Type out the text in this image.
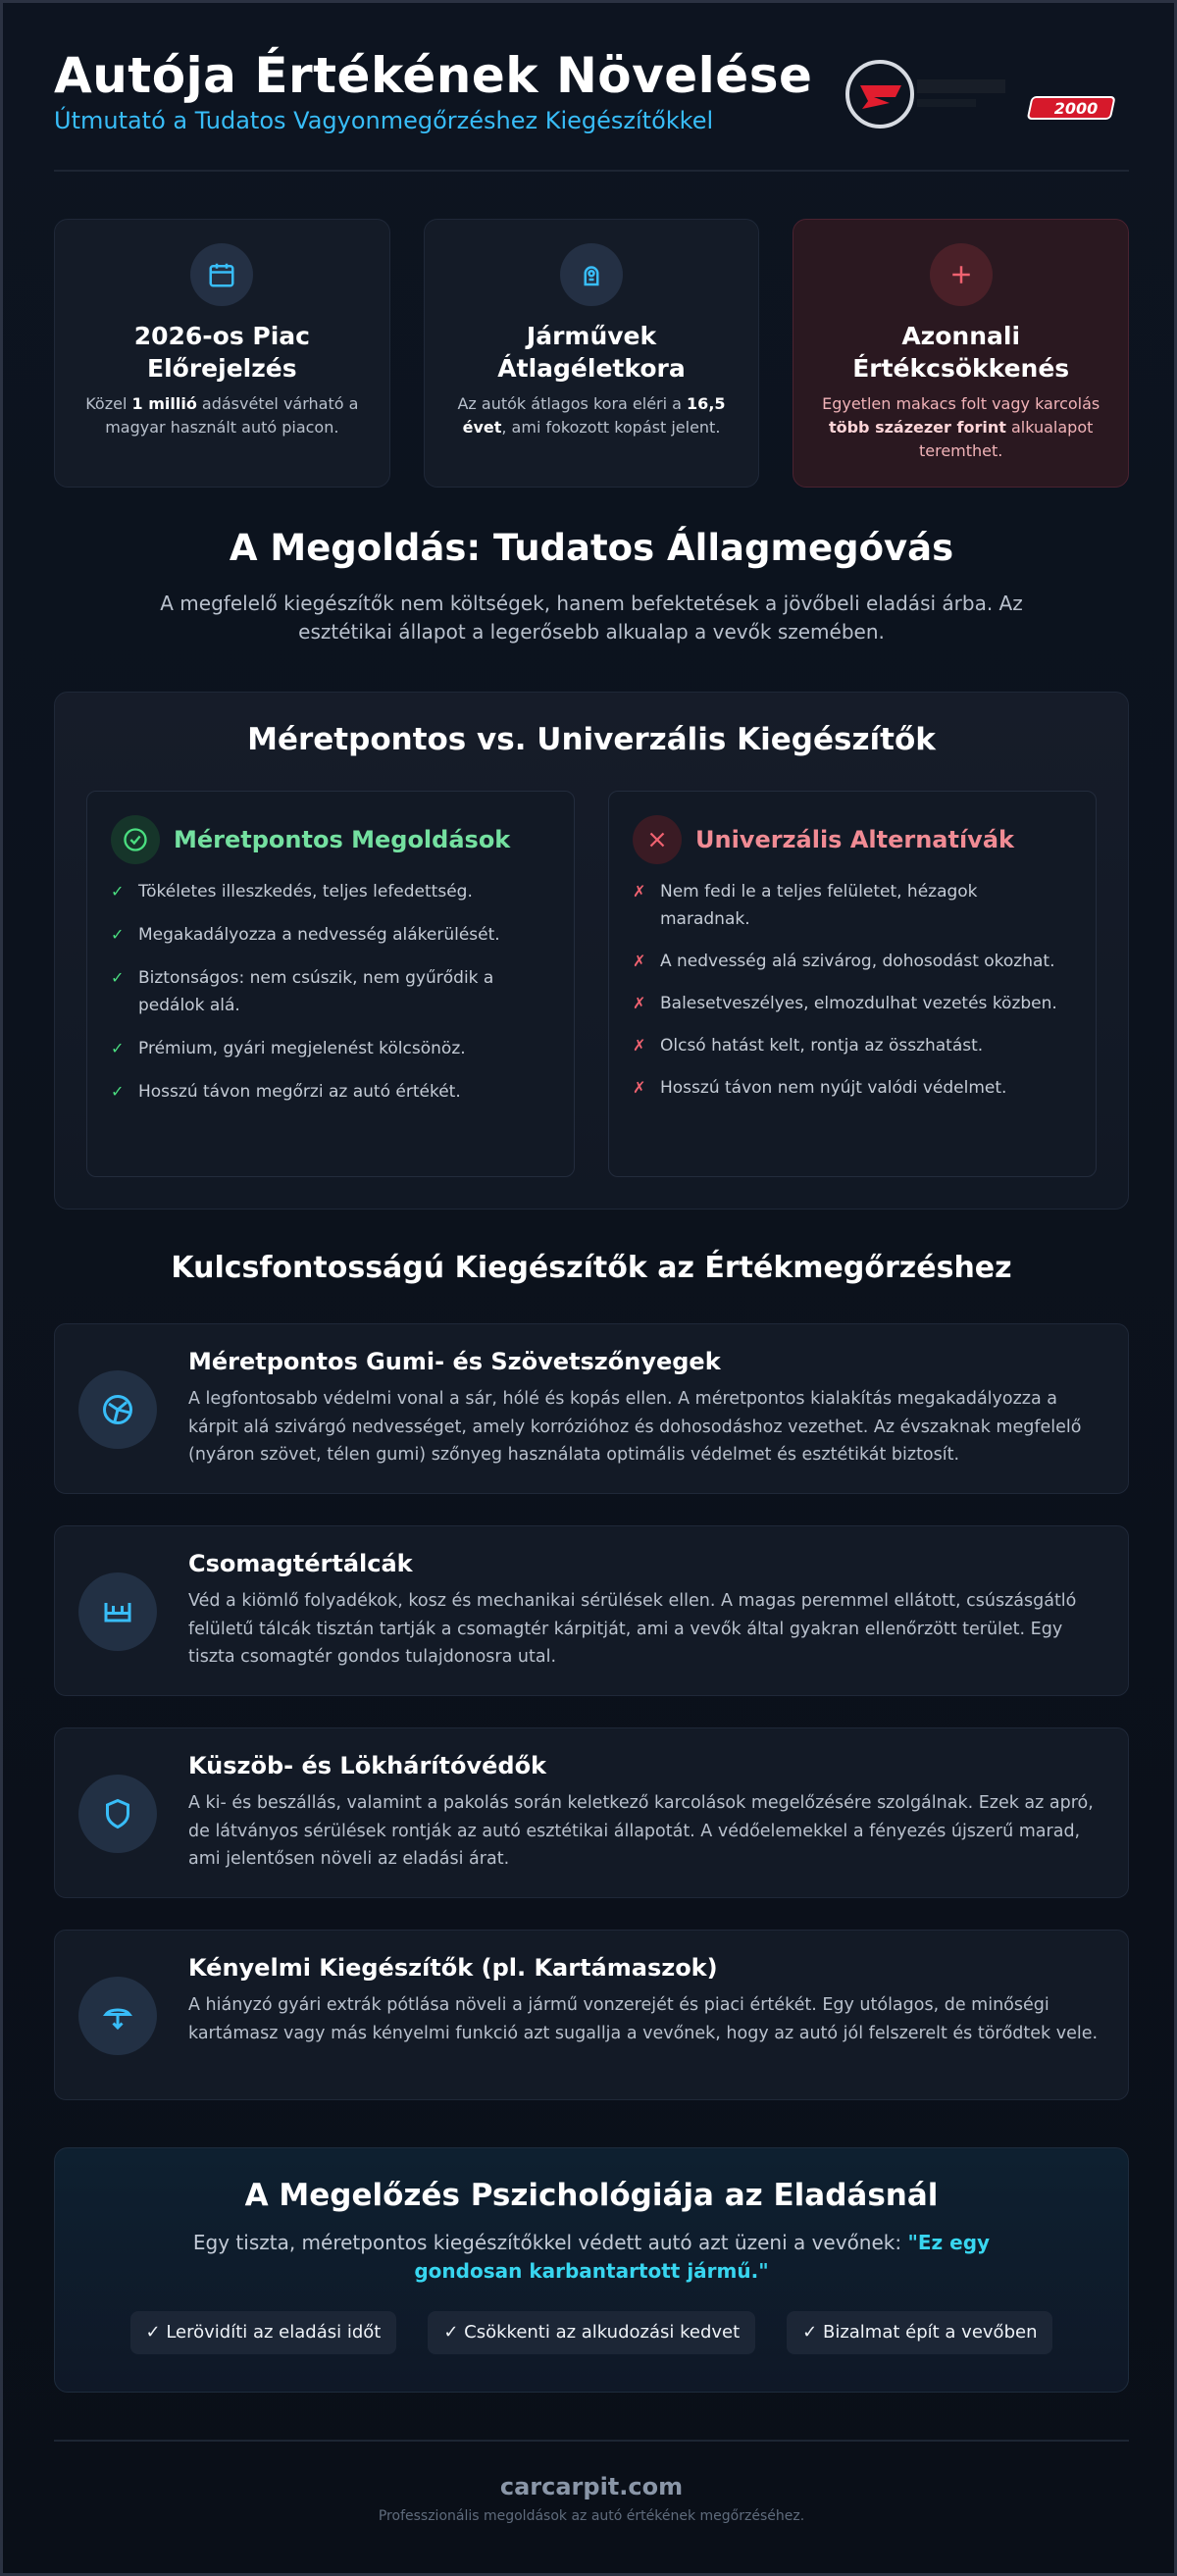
Autója Értékének Növelése
Útmutató a Tudatos Vagyonmegőrzéshez Kiegészítőkkel	2000
2026-os Piac Előrejelzés
Közel 1 millió adásvétel várható a magyar használt autó piacon.
Járművek Átlagéletkora
Az autók átlagos kora eléri a 16,5 évet, ami fokozott kopást jelent.
Azonnali Értékcsökkenés
Egyetlen makacs folt vagy karcolás több százezer forint alkualapot teremthet.
A Megoldás: Tudatos Állagmegóvás
A megfelelő kiegészítők nem költségek, hanem befektetések a jövőbeli eladási árba. Az esztétikai állapot a legerősebb alkualap a vevők szemében.
Méretpontos vs. Univerzális Kiegészítők
Méretpontos Megoldások
✓ Tökéletes illeszkedés, teljes lefedettség.
✓ Megakadályozza a nedvesség alákerülését.
✓ Biztonságos: nem csúszik, nem gyűrődik a pedálok alá.
✓ Prémium, gyári megjelenést kölcsönöz.
✓ Hosszú távon megőrzi az autó értékét.
Univerzális Alternatívák
✗ Nem fedi le a teljes felületet, hézagok maradnak.
✗ A nedvesség alá szivárog, dohosodást okozhat.
✗ Balesetveszélyes, elmozdulhat vezetés közben.
✗ Olcsó hatást kelt, rontja az összhatást.
✗ Hosszú távon nem nyújt valódi védelmet.
Kulcsfontosságú Kiegészítők az Értékmegőrzéshez
Méretpontos Gumi- és Szövetszőnyegek
A legfontosabb védelmi vonal a sár, hólé és kopás ellen. A méretpontos kialakítás megakadályozza a kárpit alá szivárgó nedvességet, amely korrózióhoz és dohosodáshoz vezethet. Az évszaknak megfelelő (nyáron szövet, télen gumi) szőnyeg használata optimális védelmet és esztétikát biztosít.
Csomagtértálcák
Véd a kiömlő folyadékok, kosz és mechanikai sérülések ellen. A magas peremmel ellátott, csúszásgátló felületű tálcák tisztán tartják a csomagtér kárpitját, ami a vevők által gyakran ellenőrzött terület. Egy tiszta csomagtér gondos tulajdonosra utal.
Küszöb- és Lökhárítóvédők
A ki- és beszállás, valamint a pakolás során keletkező karcolások megelőzésére szolgálnak. Ezek az apró, de látványos sérülések rontják az autó esztétikai állapotát. A védőelemekkel a fényezés újszerű marad, ami jelentősen növeli az eladási árat.
Kényelmi Kiegészítők (pl. Kartámaszok)
A hiányzó gyári extrák pótlása növeli a jármű vonzerejét és piaci értékét. Egy utólagos, de minőségi kartámasz vagy más kényelmi funkció azt sugallja a vevőnek, hogy az autó jól felszerelt és törődtek vele.
A Megelőzés Pszichológiája az Eladásnál
Egy tiszta, méretpontos kiegészítőkkel védett autó azt üzeni a vevőnek: "Ez egy gondosan karbantartott jármű."
✓ Lerövidíti az eladási időt	✓ Csökkenti az alkudozási kedvet	✓ Bizalmat épít a vevőben
carcarpit.com
Professzionális megoldások az autó értékének megőrzéséhez.
